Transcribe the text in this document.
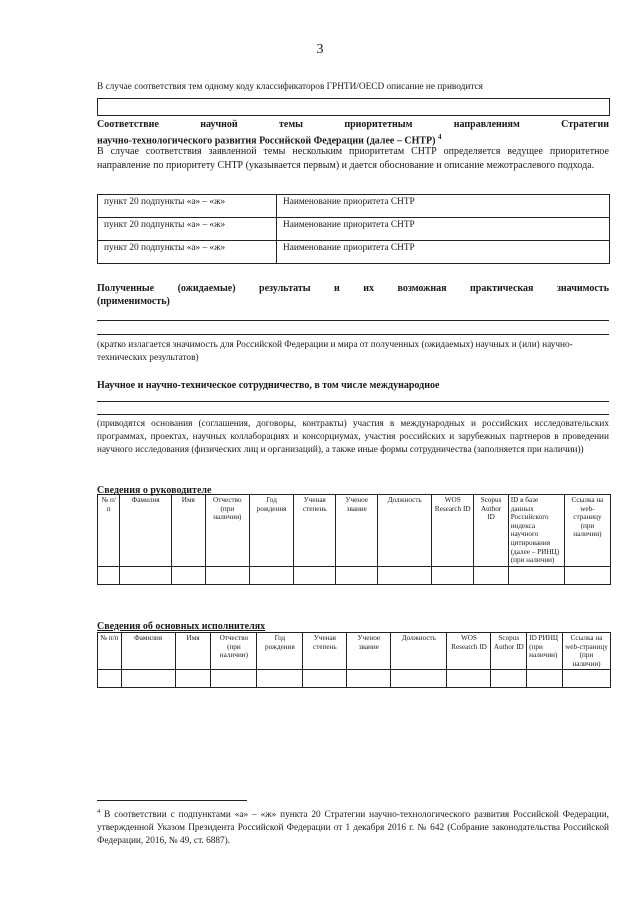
3
В случае соответствия тем одному коду классификаторов ГРНТИ/OECD описание не приводится
Соответствие научной темы приоритетным направлениям Стратегии
научно-технологического развития Российской Федерации (далее – СНТР) $^4$
В случае соответствия заявленной темы нескольким приоритетам СНТР определяется ведущее приоритетное направление по приоритету СНТР (указывается первым) и дается обоснование и описание межотраслевого подхода.
пункт 20 подпункты «а» – «ж»	Наименование приоритета СНТР
пункт 20 подпункты «а» – «ж»	Наименование приоритета СНТР
пункт 20 подпункты «а» – «ж»	Наименование приоритета СНТР
Полученные (ожидаемые) результаты и их возможная практическая значимость
(применимость)
(кратко излагается значимость для Российской Федерации и мира от полученных (ожидаемых) научных и (или) научно-технических результатов)
Научное и научно-техническое сотрудничество, в том числе международное
(приводятся основания (соглашения, договоры, контракты) участия в международных и российских исследовательских программах, проектах, научных коллаборациях и консорциумах, участия российских и зарубежных партнеров в проведении научного исследования (физических лиц и организаций), а также иные формы сотрудничества (заполняется при наличии))
Сведения о руководителе
№ п/п	Фамилия	Имя	Отчество (при наличии)	Год рождения	Ученая степень	Ученое звание	Должность	WOS Research ID	Scopus Author ID	ID в базе данных Российского индекса научного цитирования (далее – РИНЦ) (при наличии)	Ссылка на web-страницу (при наличии)

Сведения об основных исполнителях
№ п/п	Фамилия	Имя	Отчество (при наличии)	Год рождения	Ученая степень	Ученое звание	Должность	WOS Research ID	Scopus Author ID	ID РИНЦ (при наличии)	Ссылка на web-страницу (при наличии)

$^4$ В соответствии с подпунктами «а» – «ж» пункта 20 Стратегии научно-технологического развития Российской Федерации, утвержденной Указом Президента Российской Федерации от 1 декабря 2016 г. № 642 (Собрание законодательства Российской Федерации, 2016, № 49, ст. 6887).
